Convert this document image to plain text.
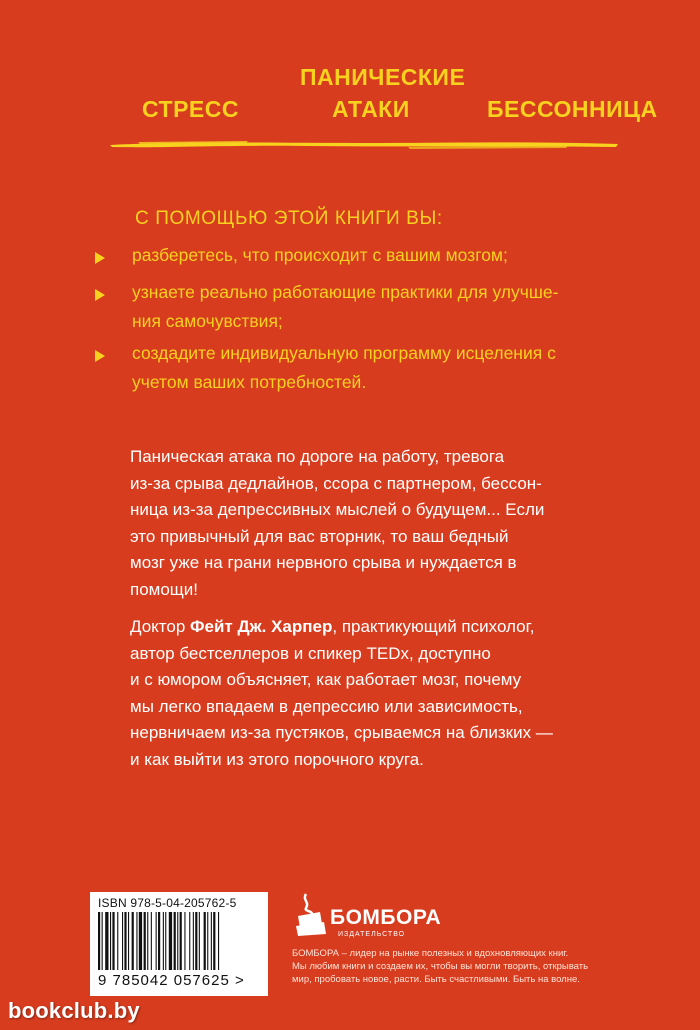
СТРЕСС
ПАНИЧЕСКИЕ
АТАКИ	БЕССОННИЦА
С ПОМОЩЬЮ ЭТОЙ КНИГИ ВЫ:
разберетесь, что происходит с вашим мозгом;
узнаете реально работающие практики для улучше-
ния самочувствия;
создадите индивидуальную программу исцеления с
учетом ваших потребностей.
Паническая атака по дороге на работу, тревога
из-за срыва дедлайнов, ссора с партнером, бессон-
ница из-за депрессивных мыслей о будущем... Если
это привычный для вас вторник, то ваш бедный
мозг уже на грани нервного срыва и нуждается в
помощи!
Доктор Фейт Дж. Харпер, практикующий психолог,
автор бестселлеров и спикер TEDx, доступно
и с юмором объясняет, как работает мозг, почему
мы легко впадаем в депрессию или зависимость,
нервничаем из-за пустяков, срываемся на близких —
и как выйти из этого порочного круга.
ISBN 978-5-04-205762-5
9 785042 057625 >
БОМБОРА
ИЗДАТЕЛЬСТВО
БОМБОРА – лидер на рынке полезных и вдохновляющих книг.
Мы любим книги и создаем их, чтобы вы могли творить, открывать
мир, пробовать новое, расти. Быть счастливыми. Быть на волне.
bookclub.by
